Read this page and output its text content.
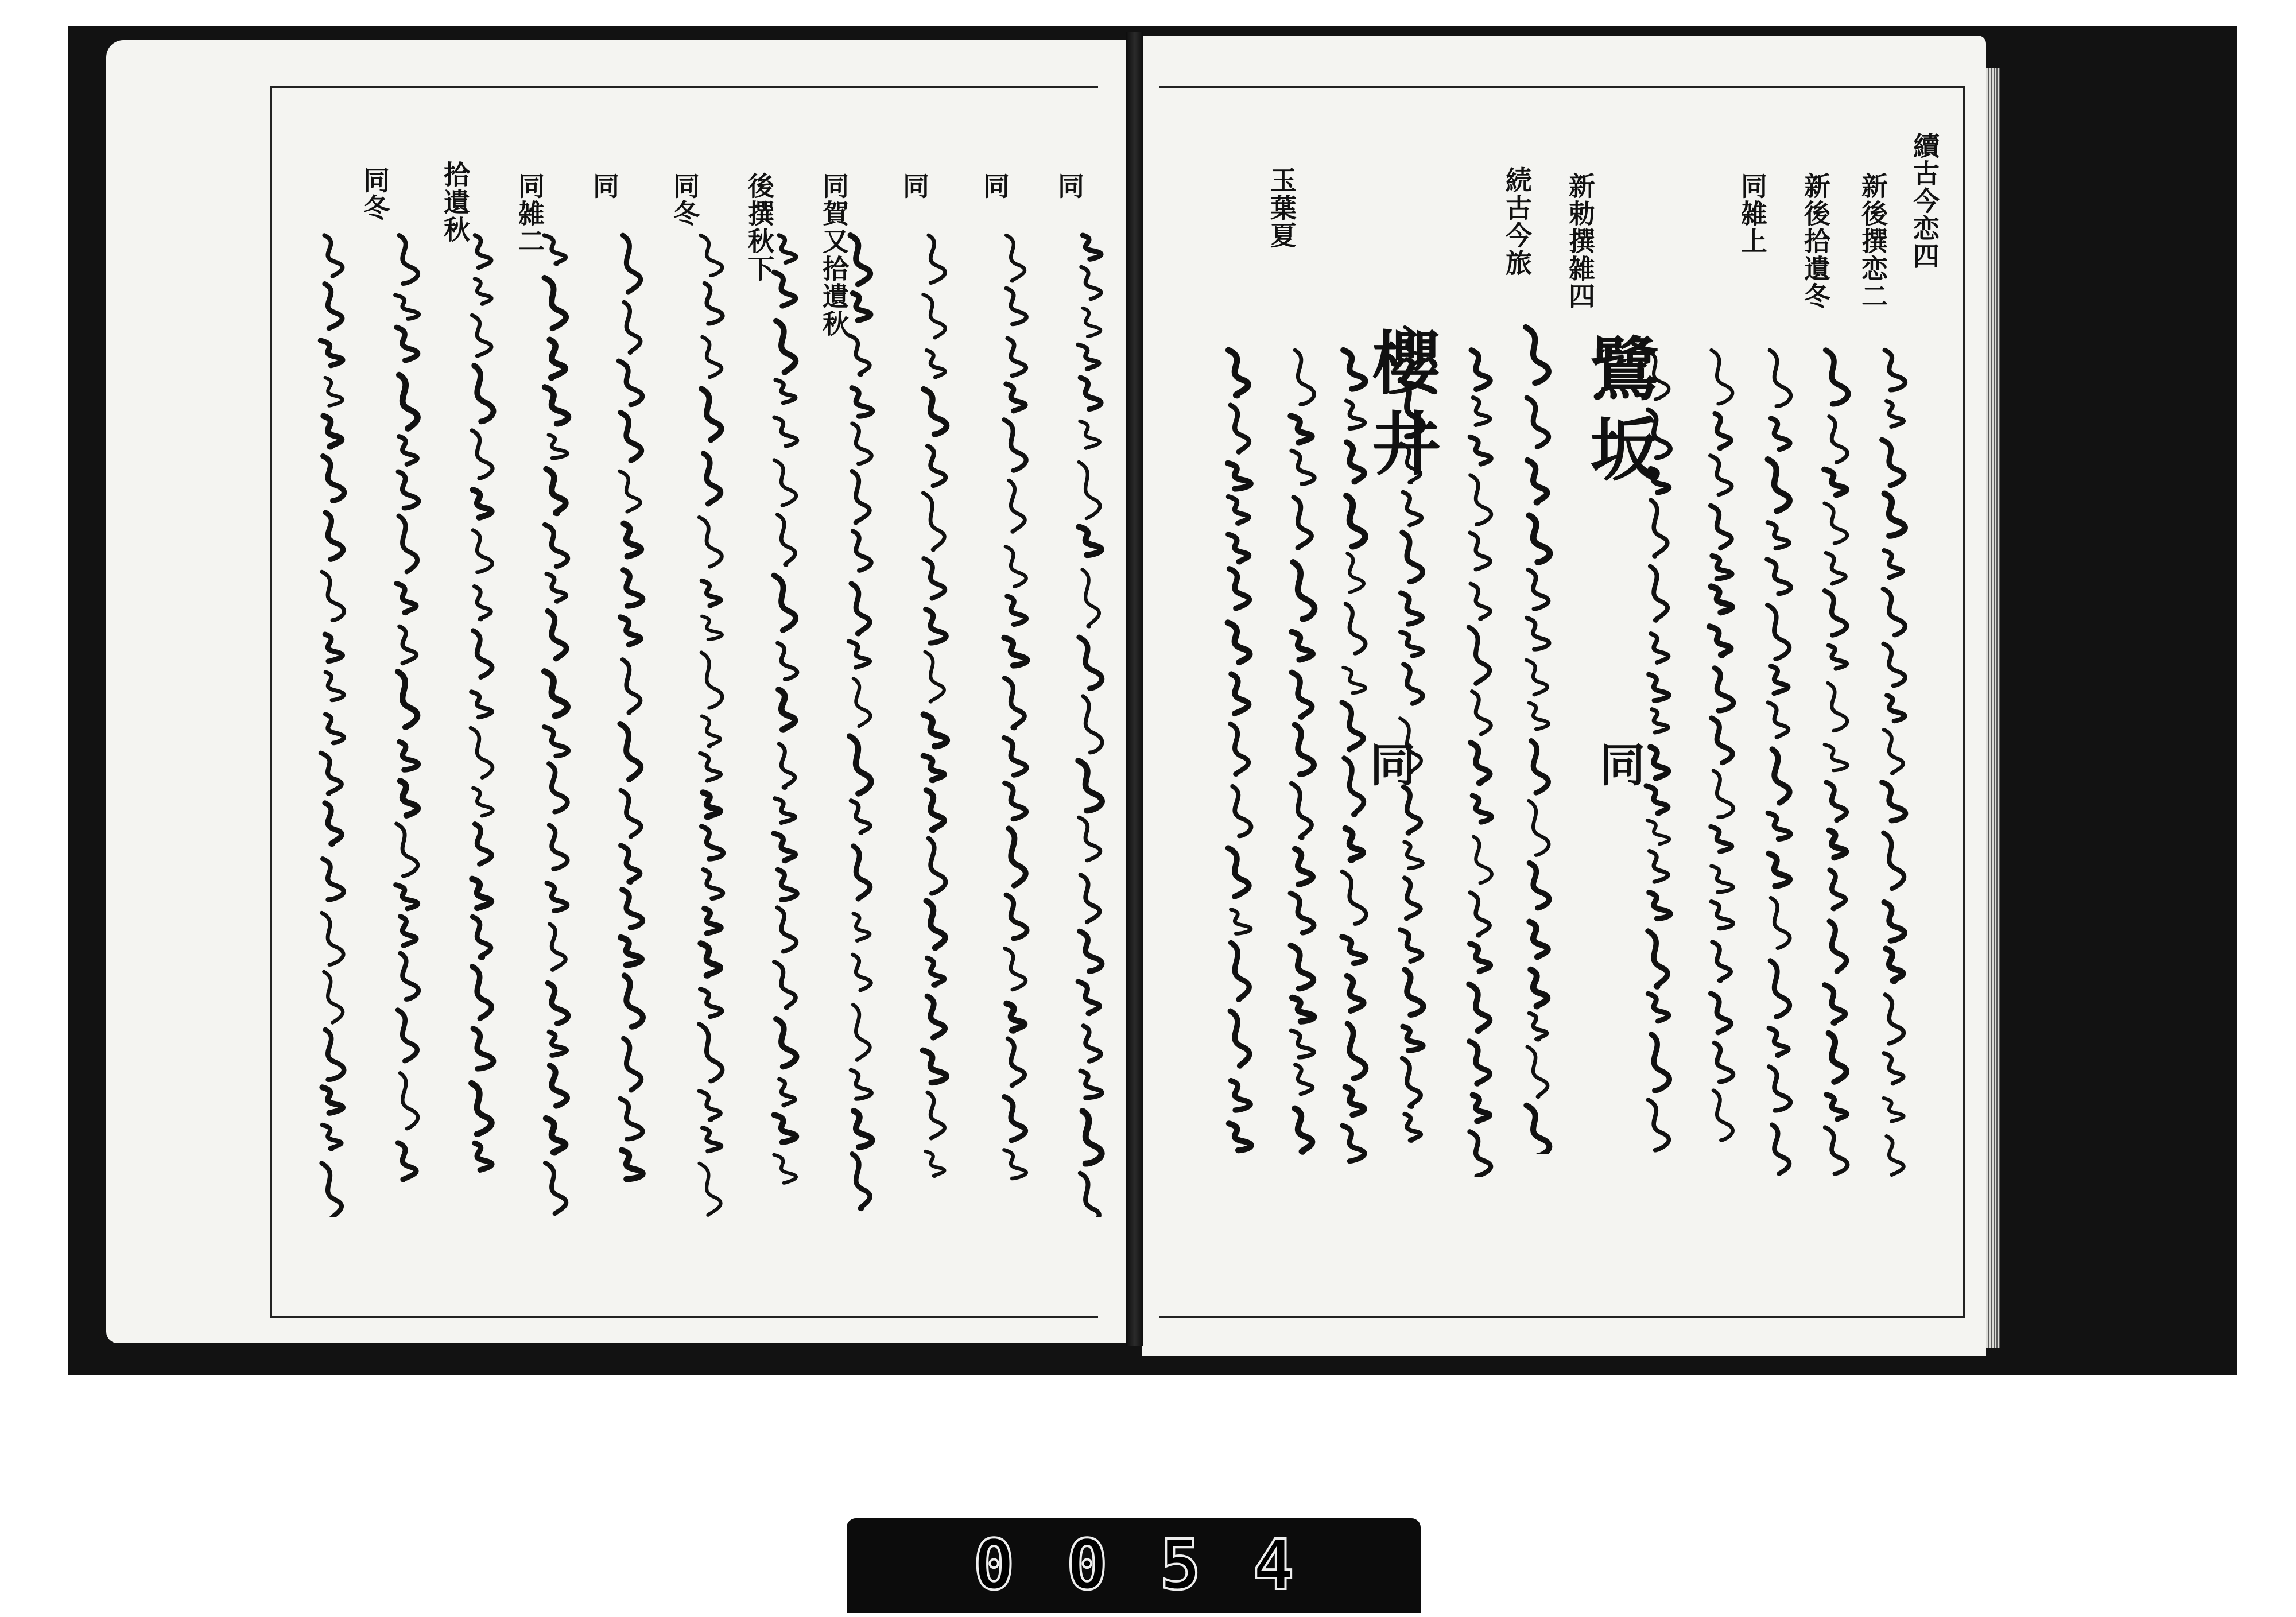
續古今恋四
新後撰恋二
新後拾遺冬
同雑上
新勅撰雑四
続古今旅
玉葉夏
鷺坂
櫻井
同
同
同
同
同
同賀又拾遺秋
後撰秋下
同冬
同
同雑二
拾遺秋
同冬
0054
